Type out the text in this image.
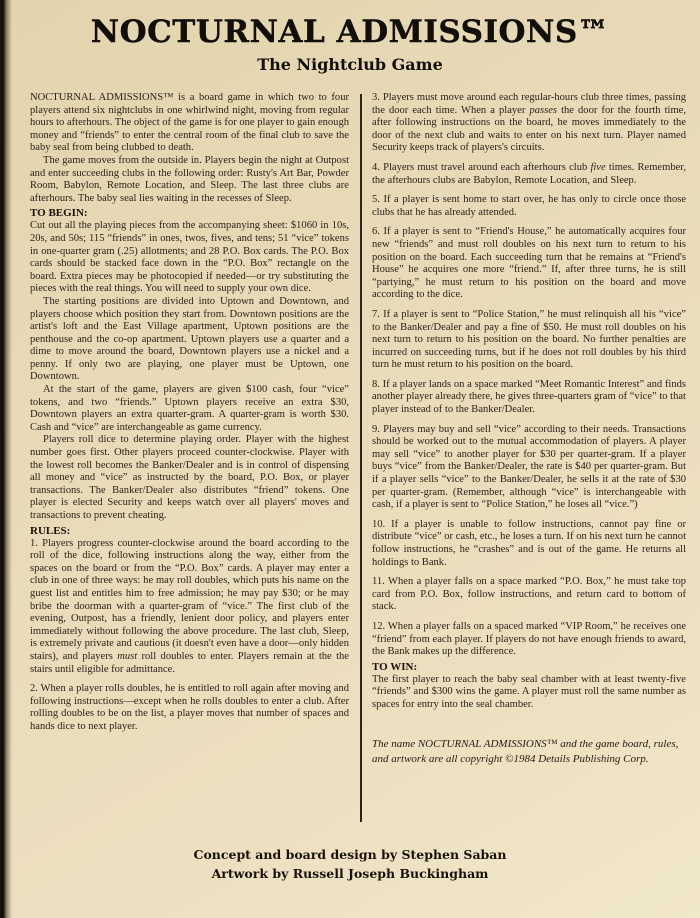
NOCTURNAL ADMISSIONS™
The Nightclub Game

NOCTURNAL ADMISSIONS™ is a board game in which two to four players attend six nightclubs in one whirlwind night, moving from regular hours to afterhours. The object of the game is for one player to gain enough money and “friends” to enter the central room of the final club to save the baby seal from being clubbed to death.

The game moves from the outside in. Players begin the night at Outpost and enter succeeding clubs in the following order: Rusty's Art Bar, Powder Room, Babylon, Remote Location, and Sleep. The last three clubs are afterhours. The baby seal lies waiting in the recesses of Sleep.

TO BEGIN:

Cut out all the playing pieces from the accompanying sheet: $1060 in 10s, 20s, and 50s; 115 “friends” in ones, twos, fives, and tens; 51 “vice” tokens in one-quarter gram (.25) allotments; and 28 P.O. Box cards. The P.O. Box cards should be stacked face down in the “P.O. Box” rectangle on the board. Extra pieces may be photocopied if needed—or try substituting the pieces with the real things. You will need to supply your own dice.

The starting positions are divided into Uptown and Downtown, and players choose which position they start from. Downtown positions are the artist's loft and the East Village apartment, Uptown positions are the penthouse and the co-op apartment. Uptown players use a quarter and a dime to move around the board, Downtown players use a nickel and a penny. If only two are playing, one player must be Uptown, one Downtown.

At the start of the game, players are given $100 cash, four “vice” tokens, and two “friends.” Uptown players receive an extra $30, Downtown players an extra quarter-gram. A quarter-gram is worth $30. Cash and “vice” are interchangeable as game currency.

Players roll dice to determine playing order. Player with the highest number goes first. Other players proceed counter-clockwise. Player with the lowest roll becomes the Banker/Dealer and is in control of dispensing all money and “vice” as instructed by the board, P.O. Box, or player transactions. The Banker/Dealer also distributes “friend” tokens. One player is elected Security and keeps watch over all players' moves and transactions to prevent cheating.

RULES:

1. Players progress counter-clockwise around the board according to the roll of the dice, following instructions along the way, either from the spaces on the board or from the “P.O. Box” cards. A player may enter a club in one of three ways: he may roll doubles, which puts his name on the guest list and entitles him to free admission; he may pay $30; or he may bribe the doorman with a quarter-gram of “vice.” The first club of the evening, Outpost, has a friendly, lenient door policy, and players enter immediately without following the above procedure. The last club, Sleep, is extremely private and cautious (it doesn't even have a door—only hidden stairs), and players must roll doubles to enter. Players remain at the the stairs until eligible for admittance.

2. When a player rolls doubles, he is entitled to roll again after moving and following instructions—except when he rolls doubles to enter a club. After rolling doubles to be on the list, a player moves that number of spaces and hands dice to next player.

3. Players must move around each regular-hours club three times, passing the door each time. When a player passes the door for the fourth time, after following instructions on the board, he moves immediately to the door of the next club and waits to enter on his next turn. Player named Security keeps track of players's circuits.

4. Players must travel around each afterhours club five times. Remember, the afterhours clubs are Babylon, Remote Location, and Sleep.

5. If a player is sent home to start over, he has only to circle once those clubs that he has already attended.

6. If a player is sent to “Friend's House,” he automatically acquires four new “friends” and must roll doubles on his next turn to return to his position on the board. Each succeeding turn that he remains at “Friend's House” he acquires one more “friend.” If, after three turns, he is still “partying,” he must return to his position on the board and move according to the dice.

7. If a player is sent to “Police Station,” he must relinquish all his “vice” to the Banker/Dealer and pay a fine of $50. He must roll doubles on his next turn to return to his position on the board. No further penalties are incurred on succeeding turns, but if he does not roll doubles by his third turn he must return to his position on the board.

8. If a player lands on a space marked “Meet Romantic Interest” and finds another player already there, he gives three-quarters gram of “vice” to that player instead of to the Banker/Dealer.

9. Players may buy and sell “vice” according to their needs. Transactions should be worked out to the mutual accommodation of players. A player may sell “vice” to another player for $30 per quarter-gram. If a player buys “vice” from the Banker/Dealer, the rate is $40 per quarter-gram. But if a player sells “vice” to the Banker/Dealer, he sells it at the rate of $30 per quarter-gram. (Remember, although “vice” is interchangeable with cash, if a player is sent to “Police Station,” he loses all “vice.”)

10. If a player is unable to follow instructions, cannot pay fine or distribute “vice” or cash, etc., he loses a turn. If on his next turn he cannot follow instructions, he “crashes” and is out of the game. He returns all holdings to Bank.

11. When a player falls on a space marked “P.O. Box,” he must take top card from P.O. Box, follow instructions, and return card to bottom of stack.

12. When a player falls on a spaced marked “VIP Room,” he receives one “friend” from each player. If players do not have enough friends to award, the Bank makes up the difference.

TO WIN:

The first player to reach the baby seal chamber with at least twenty-five “friends” and $300 wins the game. A player must roll the same number as spaces for entry into the seal chamber.

The name NOCTURNAL ADMISSIONS™ and the game board, rules, and artwork are all copyright ©1984 Details Publishing Corp.

Concept and board design by Stephen Saban
Artwork by Russell Joseph Buckingham
